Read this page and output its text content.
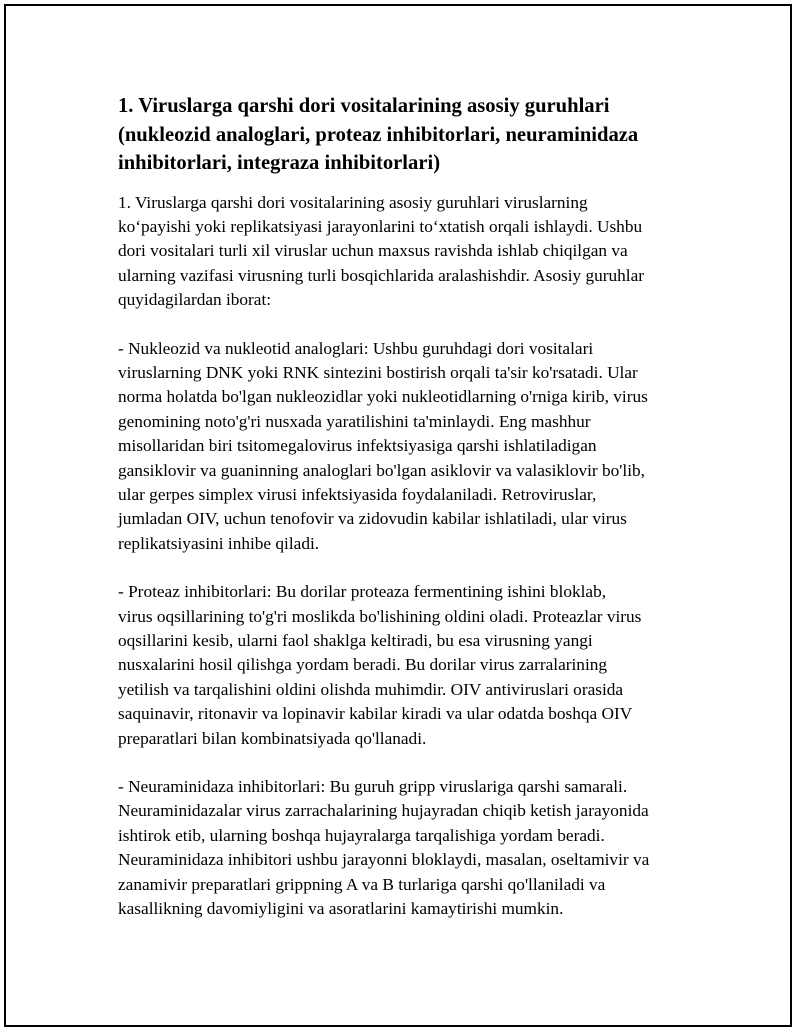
1. Viruslarga qarshi dori vositalarining asosiy guruhlari
(nukleozid analoglari, proteaz inhibitorlari, neuraminidaza
inhibitorlari, integraza inhibitorlari)

1. Viruslarga qarshi dori vositalarining asosiy guruhlari viruslarning
ko‘payishi yoki replikatsiyasi jarayonlarini to‘xtatish orqali ishlaydi. Ushbu
dori vositalari turli xil viruslar uchun maxsus ravishda ishlab chiqilgan va
ularning vazifasi virusning turli bosqichlarida aralashishdir. Asosiy guruhlar
quyidagilardan iborat:

- Nukleozid va nukleotid analoglari: Ushbu guruhdagi dori vositalari
viruslarning DNK yoki RNK sintezini bostirish orqali ta'sir ko'rsatadi. Ular
norma holatda bo'lgan nukleozidlar yoki nukleotidlarning o'rniga kirib, virus
genomining noto'g'ri nusxada yaratilishini ta'minlaydi. Eng mashhur
misollaridan biri tsitomegalovirus infektsiyasiga qarshi ishlatiladigan
gansiklovir va guaninning analoglari bo'lgan asiklovir va valasiklovir bo'lib,
ular gerpes simplex virusi infektsiyasida foydalaniladi. Retroviruslar,
jumladan OIV, uchun tenofovir va zidovudin kabilar ishlatiladi, ular virus
replikatsiyasini inhibe qiladi.

- Proteaz inhibitorlari: Bu dorilar proteaza fermentining ishini bloklab,
virus oqsillarining to'g'ri moslikda bo'lishining oldini oladi. Proteazlar virus
oqsillarini kesib, ularni faol shaklga keltiradi, bu esa virusning yangi
nusxalarini hosil qilishga yordam beradi. Bu dorilar virus zarralarining
yetilish va tarqalishini oldini olishda muhimdir. OIV antiviruslari orasida
saquinavir, ritonavir va lopinavir kabilar kiradi va ular odatda boshqa OIV
preparatlari bilan kombinatsiyada qo'llanadi.

- Neuraminidaza inhibitorlari: Bu guruh gripp viruslariga qarshi samarali.
Neuraminidazalar virus zarrachalarining hujayradan chiqib ketish jarayonida
ishtirok etib, ularning boshqa hujayralarga tarqalishiga yordam beradi.
Neuraminidaza inhibitori ushbu jarayonni bloklaydi, masalan, oseltamivir va
zanamivir preparatlari grippning A va B turlariga qarshi qo'llaniladi va
kasallikning davomiyligini va asoratlarini kamaytirishi mumkin.
